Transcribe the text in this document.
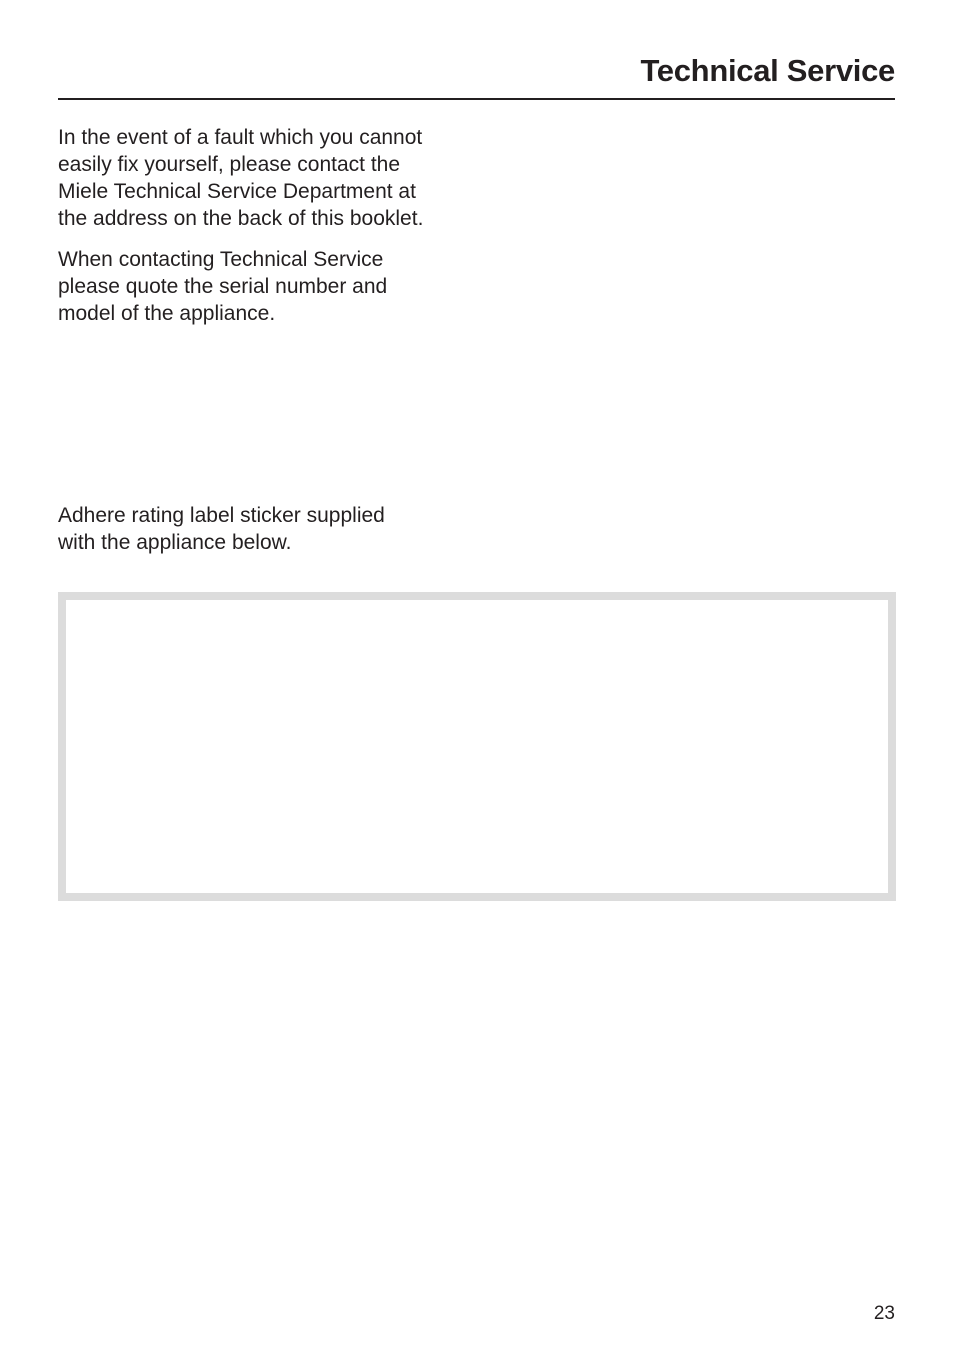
Technical Service

In the event of a fault which you cannot
easily fix yourself, please contact the
Miele Technical Service Department at
the address on the back of this booklet.

When contacting Technical Service
please quote the serial number and
model of the appliance.

Adhere rating label sticker supplied
with the appliance below.

23
